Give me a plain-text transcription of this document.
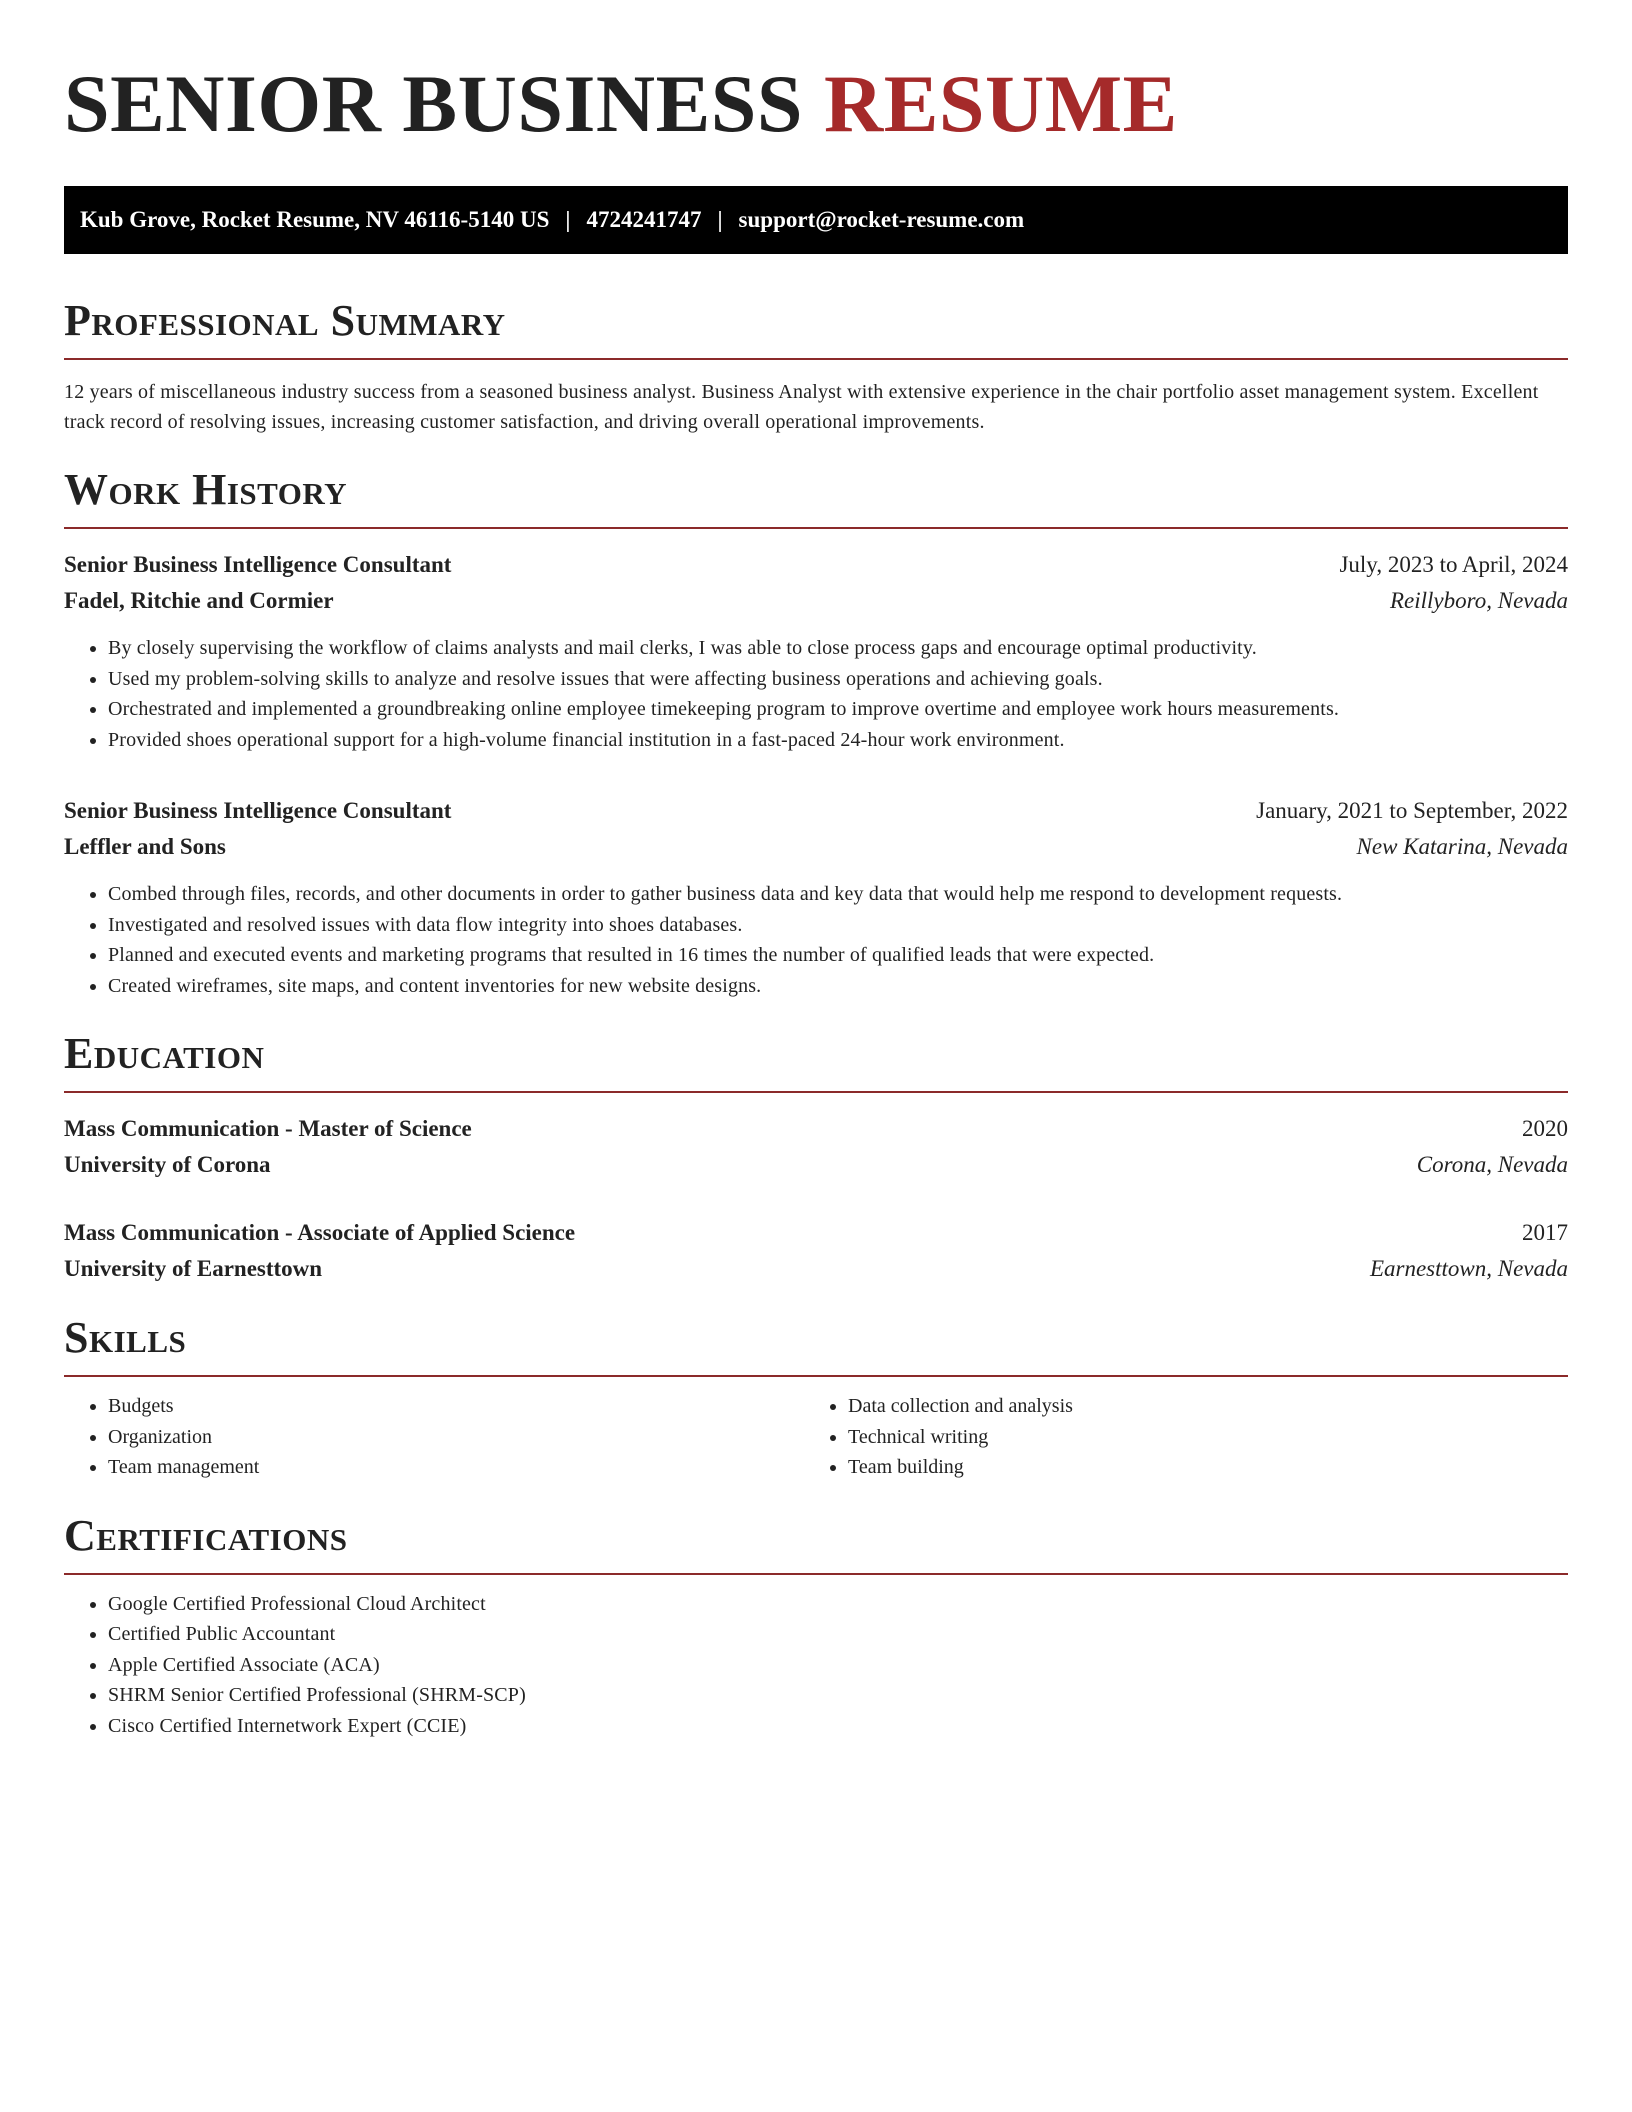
SENIOR BUSINESS RESUME
Kub Grove, Rocket Resume, NV 46116-5140 US | 4724241747 | support@rocket-resume.com
Professional Summary

12 years of miscellaneous industry success from a seasoned business analyst. Business Analyst with extensive experience in the chair portfolio asset management system. Excellent track record of resolving issues, increasing customer satisfaction, and driving overall operational improvements.

Work History
Senior Business Intelligence Consultant	July, 2023 to April, 2024
Fadel, Ritchie and Cormier	Reillyboro, Nevada
• By closely supervising the workflow of claims analysts and mail clerks, I was able to close process gaps and encourage optimal productivity.
• Used my problem-solving skills to analyze and resolve issues that were affecting business operations and achieving goals.
• Orchestrated and implemented a groundbreaking online employee timekeeping program to improve overtime and employee work hours measurements.
• Provided shoes operational support for a high-volume financial institution in a fast-paced 24-hour work environment.
Senior Business Intelligence Consultant	January, 2021 to September, 2022
Leffler and Sons	New Katarina, Nevada
• Combed through files, records, and other documents in order to gather business data and key data that would help me respond to development requests.
• Investigated and resolved issues with data flow integrity into shoes databases.
• Planned and executed events and marketing programs that resulted in 16 times the number of qualified leads that were expected.
• Created wireframes, site maps, and content inventories for new website designs.
Education
Mass Communication - Master of Science	2020
University of Corona	Corona, Nevada
Mass Communication - Associate of Applied Science	2017
University of Earnesttown	Earnesttown, Nevada
Skills
• Budgets
• Organization
• Team management
• Data collection and analysis
• Technical writing
• Team building
Certifications
• Google Certified Professional Cloud Architect
• Certified Public Accountant
• Apple Certified Associate (ACA)
• SHRM Senior Certified Professional (SHRM-SCP)
• Cisco Certified Internetwork Expert (CCIE)
